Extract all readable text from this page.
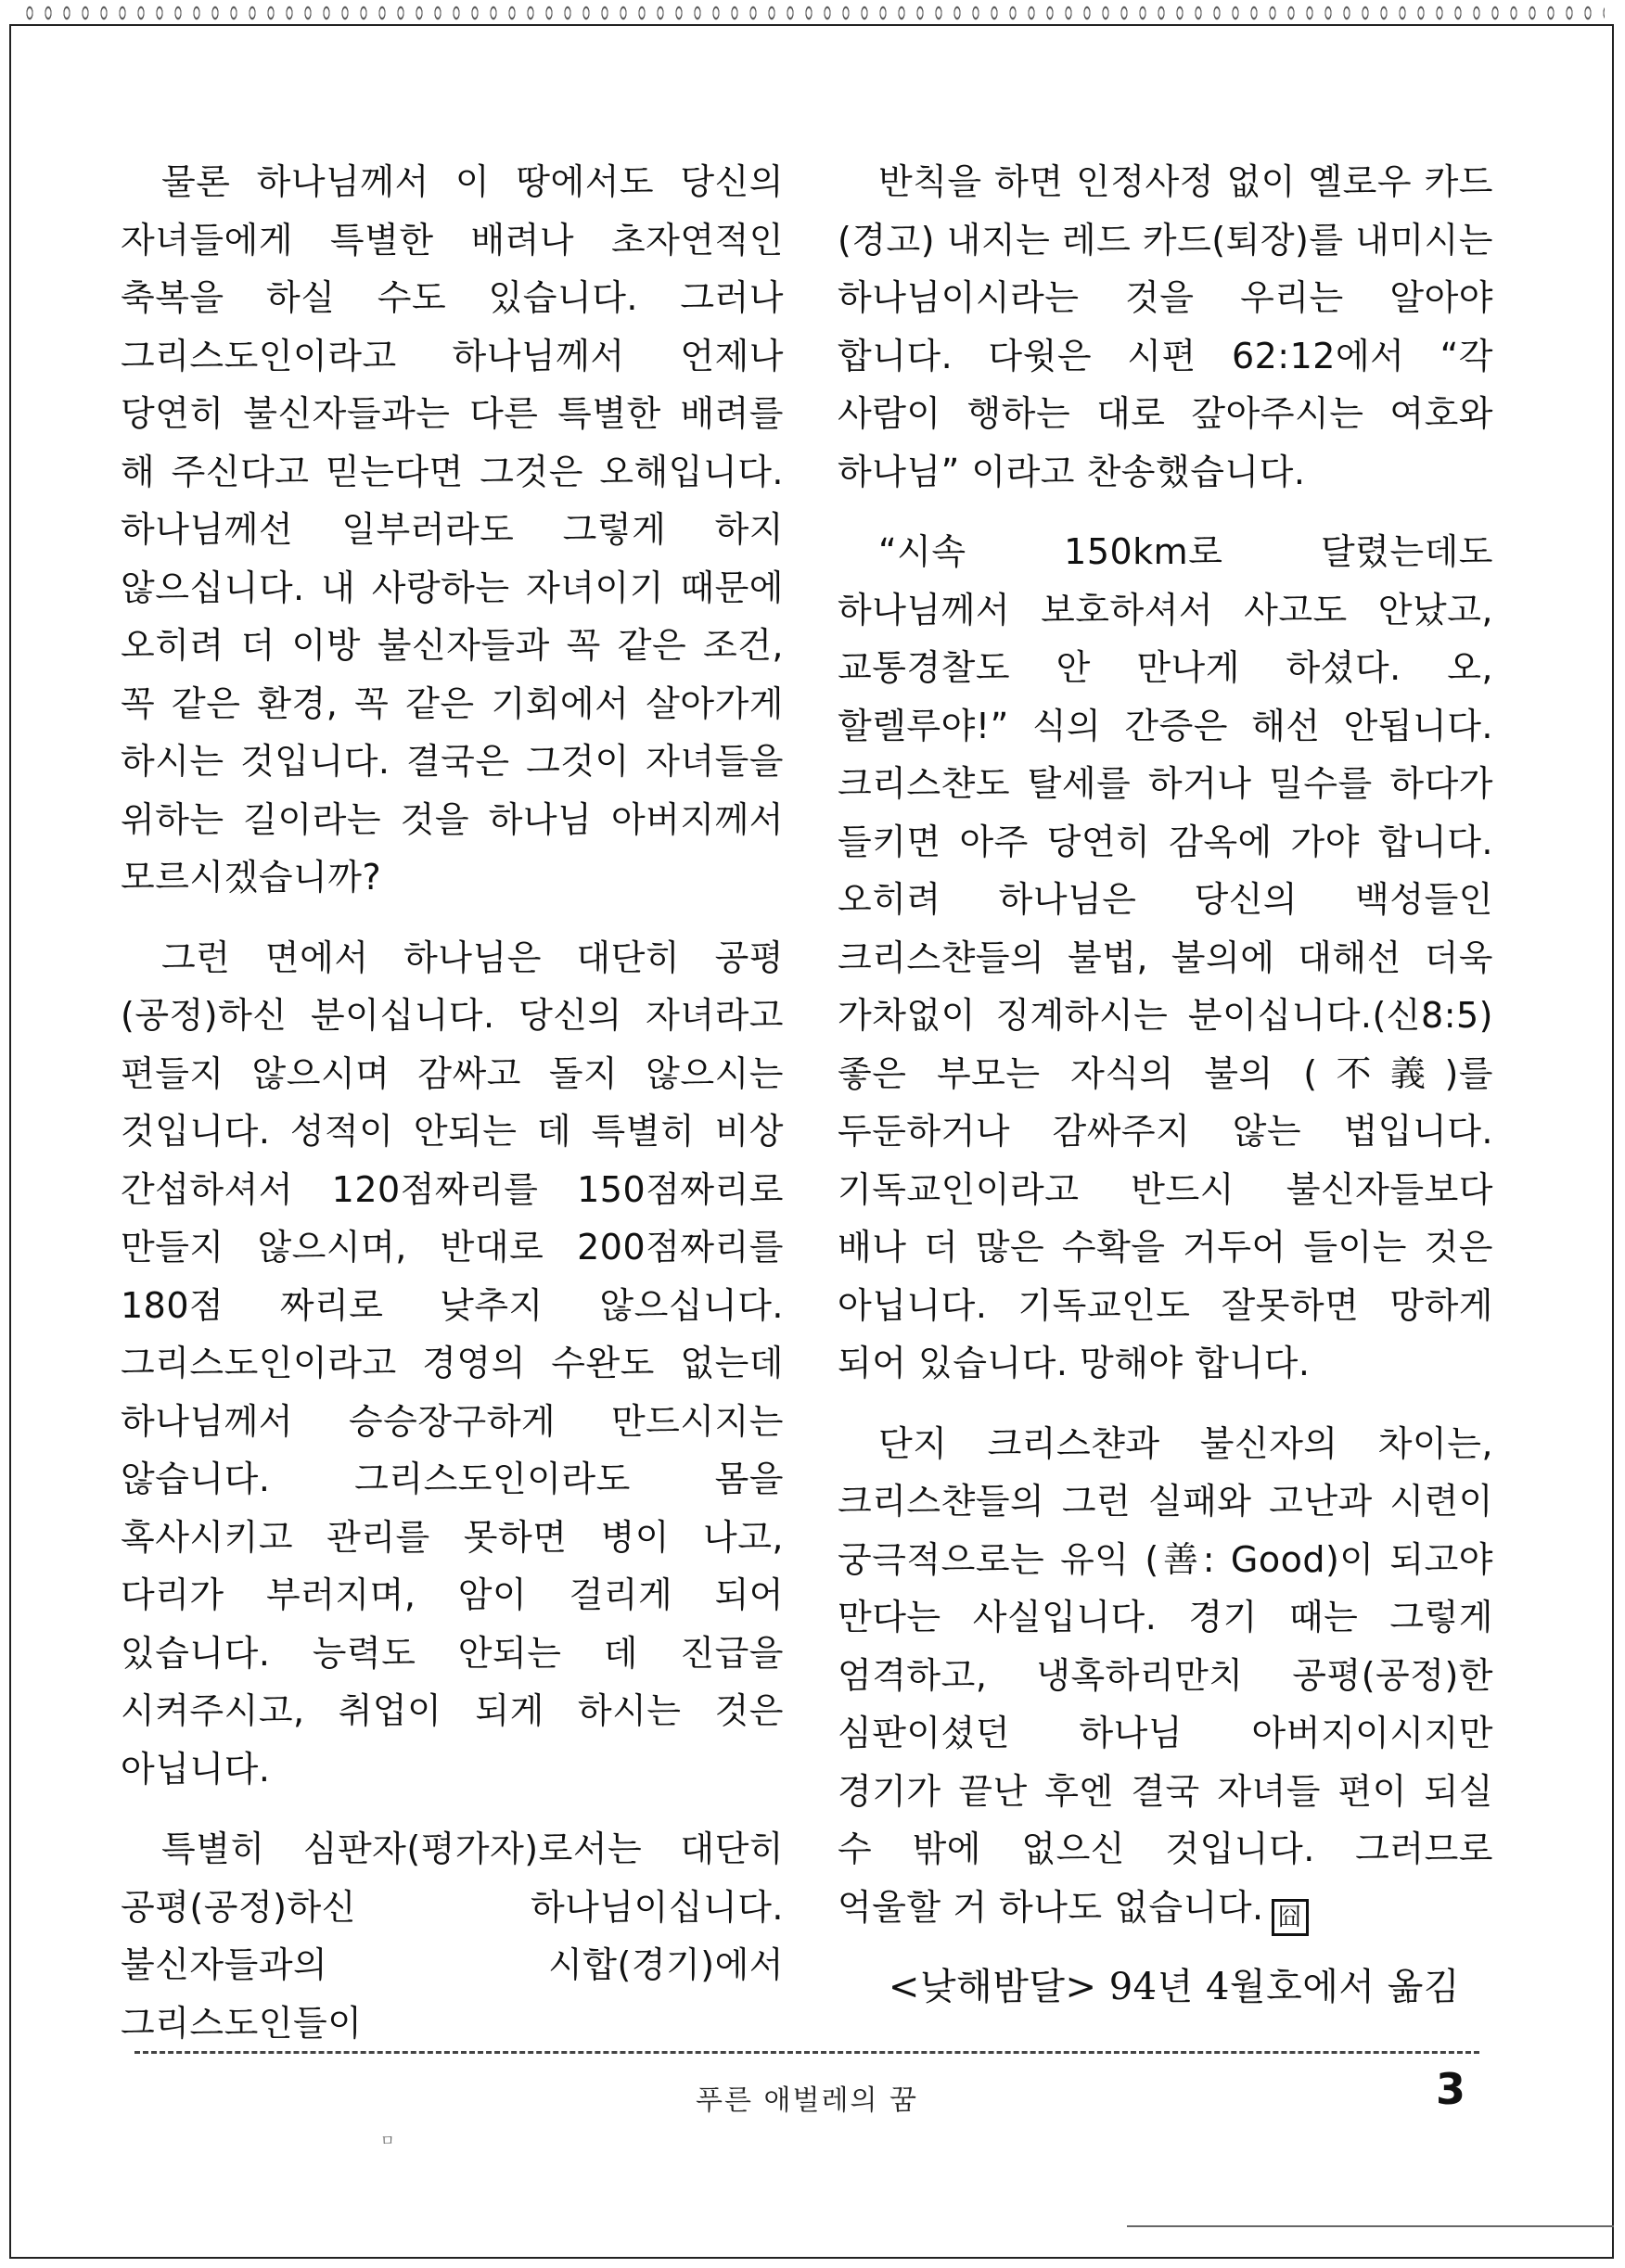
물론 하나님께서 이 땅에서도 당신의 자녀들에게 특별한 배려나 초자연적인 축복을 하실 수도 있습니다. 그러나 그리스도인이라고 하나님께서 언제나 당연히 불신자들과는 다른 특별한 배려를 해 주신다고 믿는다면 그것은 오해입니다. 하나님께선 일부러라도 그렇게 하지 않으십니다. 내 사랑하는 자녀이기 때문에 오히려 더 이방 불신자들과 꼭 같은 조건, 꼭 같은 환경, 꼭 같은 기회에서 살아가게 하시는 것입니다. 결국은 그것이 자녀들을 위하는 길이라는 것을 하나님 아버지께서 모르시겠습니까?

그런 면에서 하나님은 대단히 공평(공정)하신 분이십니다. 당신의 자녀라고 편들지 않으시며 감싸고 돌지 않으시는 것입니다. 성적이 안되는 데 특별히 비상 간섭하셔서 120점짜리를 150점짜리로 만들지 않으시며, 반대로 200점짜리를 180점 짜리로 낮추지 않으십니다. 그리스도인이라고 경영의 수완도 없는데 하나님께서 승승장구하게 만드시지는 않습니다. 그리스도인이라도 몸을 혹사시키고 관리를 못하면 병이 나고, 다리가 부러지며, 암이 걸리게 되어 있습니다. 능력도 안되는 데 진급을 시켜주시고, 취업이 되게 하시는 것은 아닙니다.

특별히 심판자(평가자)로서는 대단히 공평(공정)하신 하나님이십니다. 불신자들과의 시합(경기)에서 그리스도인들이

반칙을 하면 인정사정 없이 옐로우 카드(경고) 내지는 레드 카드(퇴장)를 내미시는 하나님이시라는 것을 우리는 알아야 합니다. 다윗은 시편 62:12에서 “각 사람이 행하는 대로 갚아주시는 여호와 하나님” 이라고 찬송했습니다.

“시속 150km로 달렸는데도 하나님께서 보호하셔서 사고도 안났고, 교통경찰도 안 만나게 하셨다. 오, 할렐루야!” 식의 간증은 해선 안됩니다. 크리스챤도 탈세를 하거나 밀수를 하다가 들키면 아주 당연히 감옥에 가야 합니다. 오히려 하나님은 당신의 백성들인 크리스챤들의 불법, 불의에 대해선 더욱 가차없이 징계하시는 분이십니다.(신8:5) 좋은 부모는 자식의 불의 (不義)를 두둔하거나 감싸주지 않는 법입니다. 기독교인이라고 반드시 불신자들보다 배나 더 많은 수확을 거두어 들이는 것은 아닙니다. 기독교인도 잘못하면 망하게 되어 있습니다. 망해야 합니다.

단지 크리스챤과 불신자의 차이는, 크리스챤들의 그런 실패와 고난과 시련이 궁극적으로는 유익 (善: Good)이 되고야 만다는 사실입니다. 경기 때는 그렇게 엄격하고, 냉혹하리만치 공평(공정)한 심판이셨던 하나님 아버지이시지만 경기가 끝난 후엔 결국 자녀들 편이 되실 수 밖에 없으신 것입니다. 그러므로 억울할 거 하나도 없습니다. 囧

<낮해밤달> 94년 4월호에서 옮김
푸른 애벌레의 꿈	3
ㅁ
